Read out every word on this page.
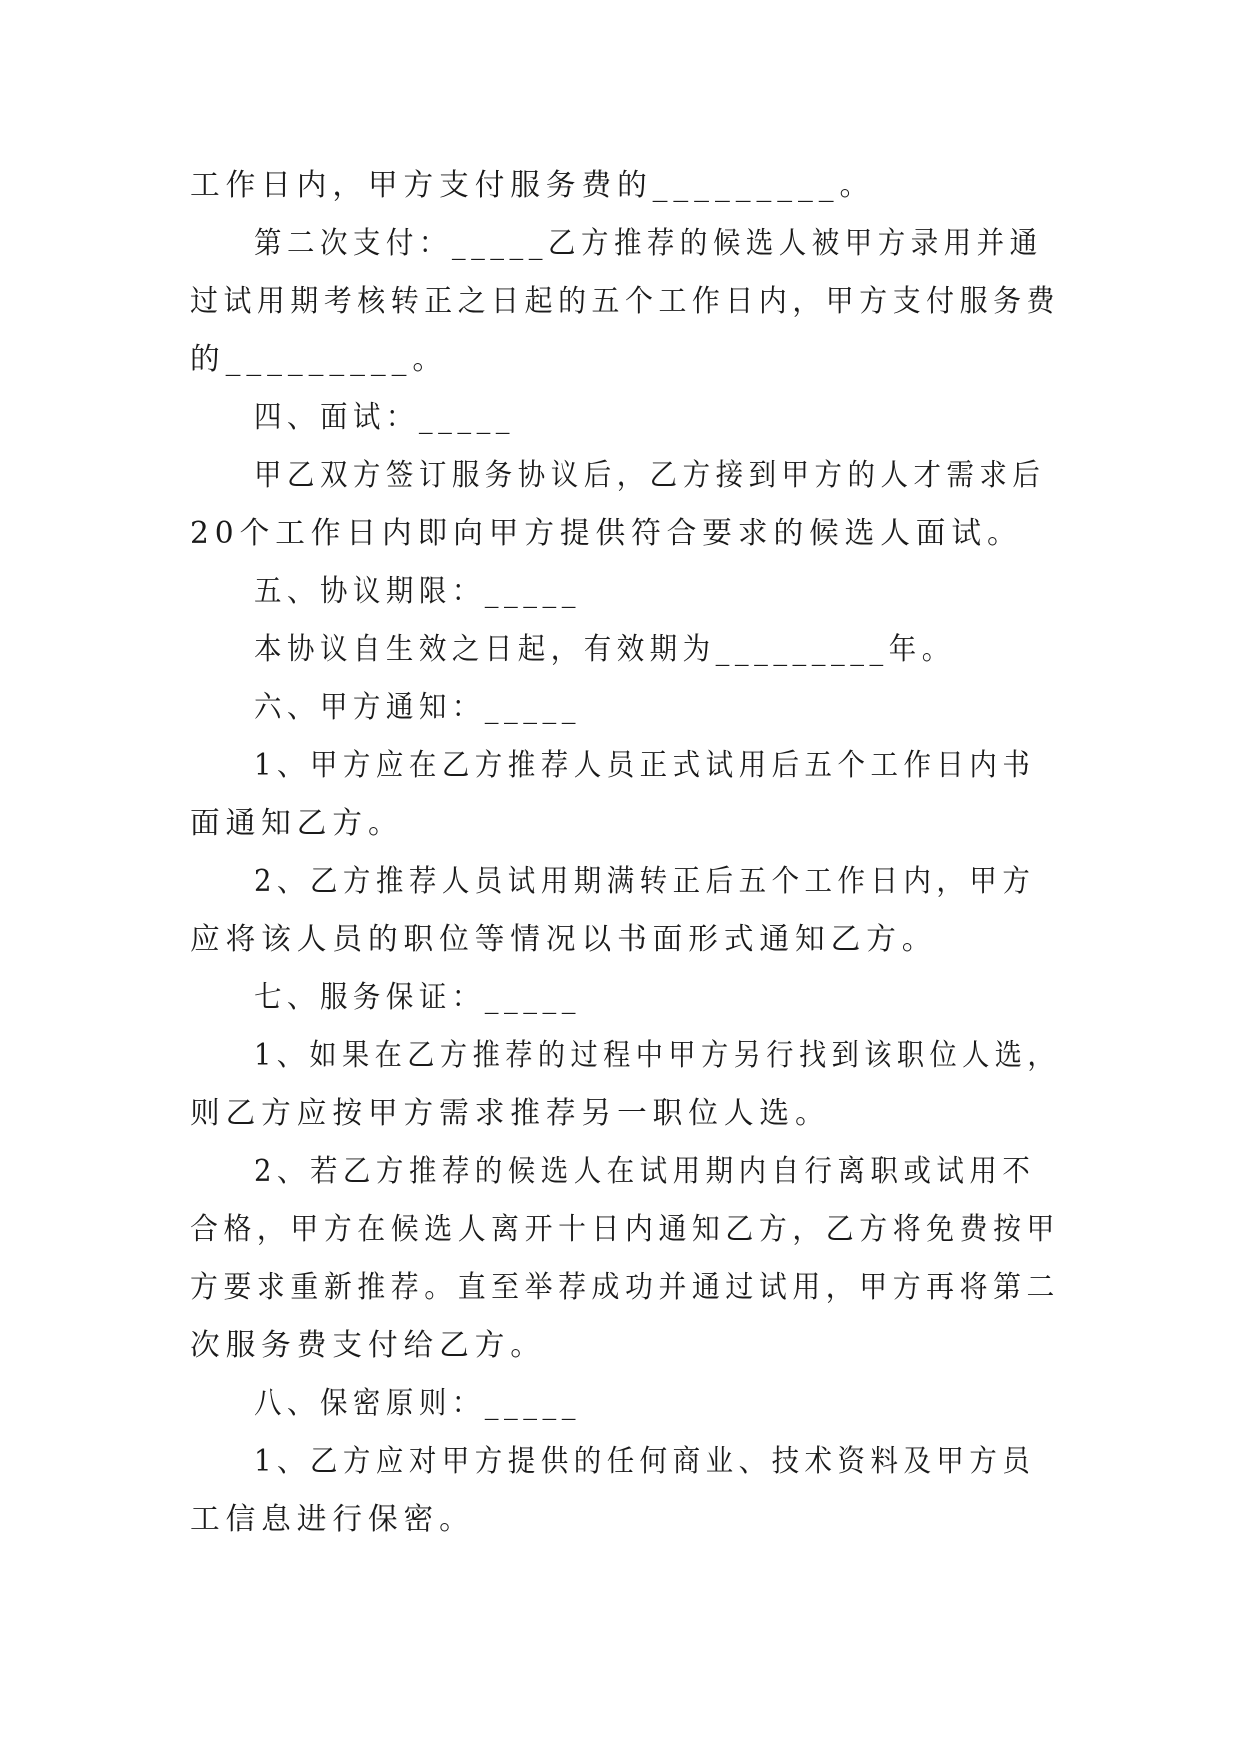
工作日内，甲方支付服务费的_________。
第二次支付：_____乙方推荐的候选人被甲方录用并通
过试用期考核转正之日起的五个工作日内，甲方支付服务费
的_________。
四、面试：_____
甲乙双方签订服务协议后，乙方接到甲方的人才需求后
20个工作日内即向甲方提供符合要求的候选人面试。
五、协议期限：_____
本协议自生效之日起，有效期为_________年。
六、甲方通知：_____
1、甲方应在乙方推荐人员正式试用后五个工作日内书
面通知乙方。
2、乙方推荐人员试用期满转正后五个工作日内，甲方
应将该人员的职位等情况以书面形式通知乙方。
七、服务保证：_____
1、如果在乙方推荐的过程中甲方另行找到该职位人选，
则乙方应按甲方需求推荐另一职位人选。
2、若乙方推荐的候选人在试用期内自行离职或试用不
合格，甲方在候选人离开十日内通知乙方，乙方将免费按甲
方要求重新推荐。直至举荐成功并通过试用，甲方再将第二
次服务费支付给乙方。
八、保密原则：_____
1、乙方应对甲方提供的任何商业、技术资料及甲方员
工信息进行保密。
